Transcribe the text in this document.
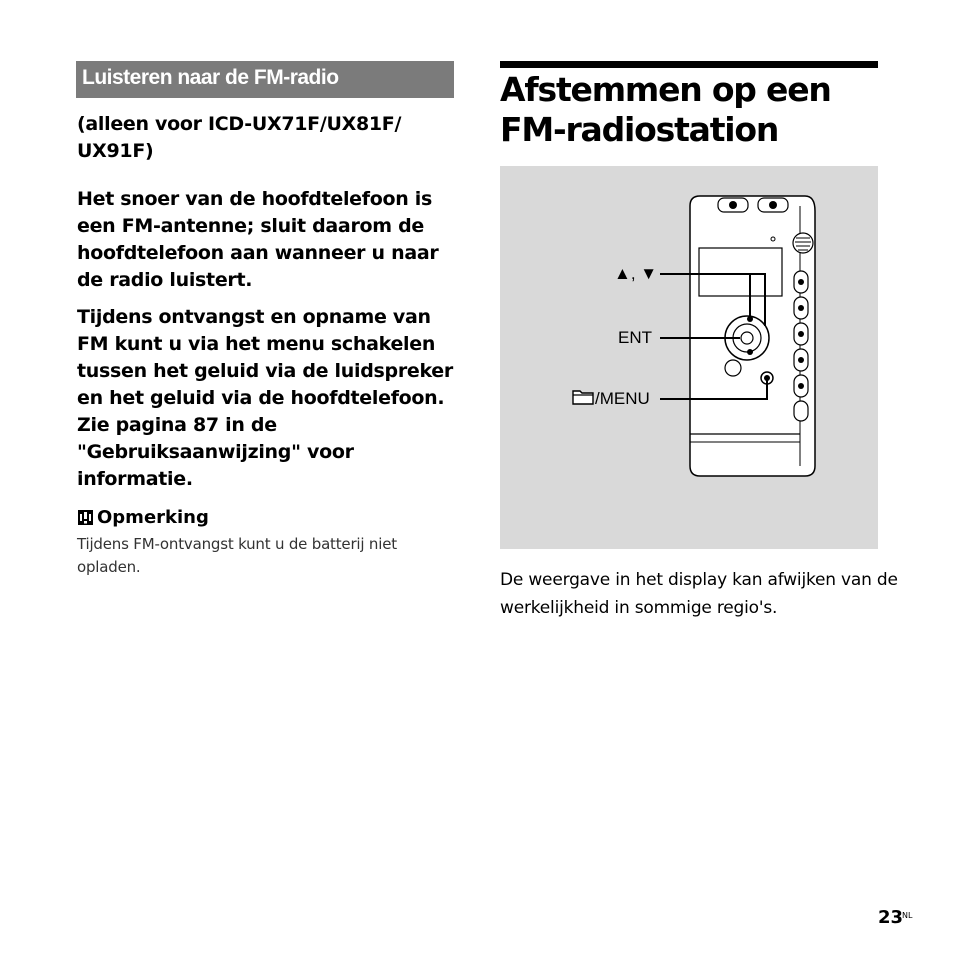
Luisteren naar de FM-radio

(alleen voor ICD-UX71F/UX81F/ UX91F)

Het snoer van de hoofdtelefoon is een FM-antenne; sluit daarom de hoofdtelefoon aan wanneer u naar de radio luistert.

Tijdens ontvangst en opname van FM kunt u via het menu schakelen tussen het geluid via de luidspreker en het geluid via de hoofdtelefoon. Zie pagina 87 in de "Gebruiksaanwijzing" voor informatie.

Opmerking

Tijdens FM-ontvangst kunt u de batterij niet opladen.

Afstemmen op een FM-radiostation
▲, ▼
ENT
/MENU

De weergave in het display kan afwijken van de werkelijkheid in sommige regio's.

23
NL
